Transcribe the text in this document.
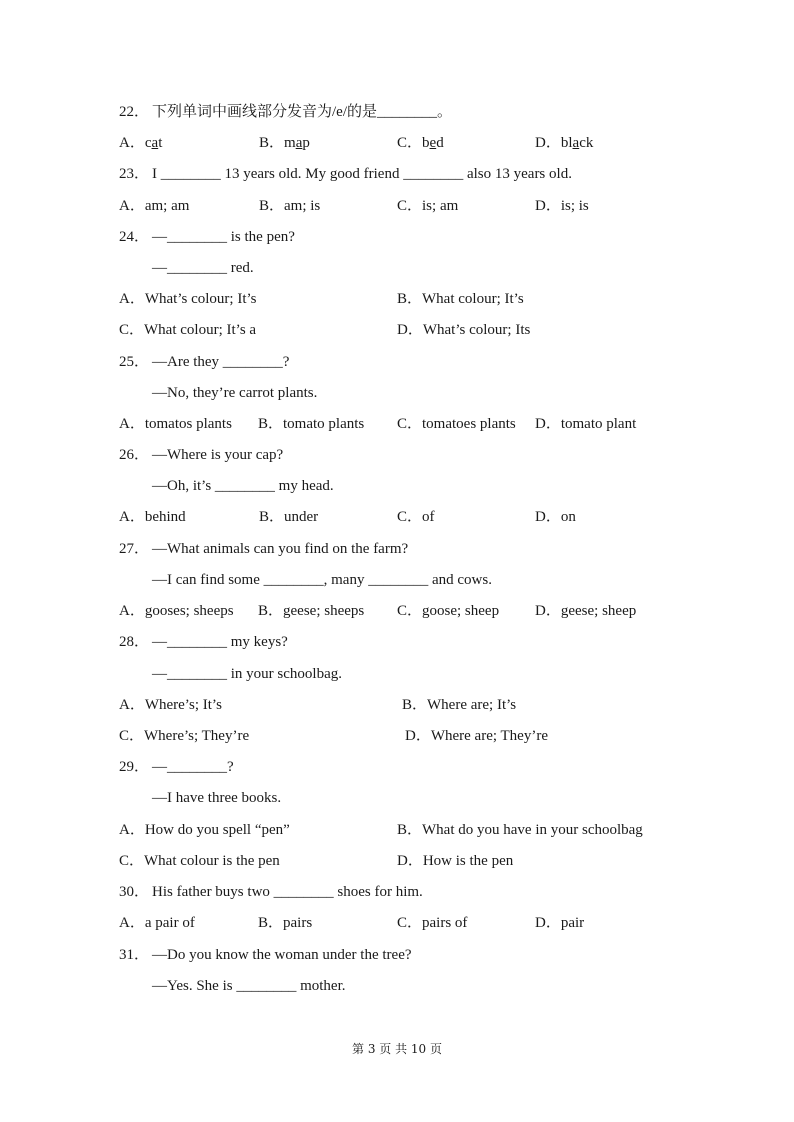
22． 下列单词中画线部分发音为/e/的是________。
A．cat	B．map	C．bed	D．black
23． I ________ 13 years old. My good friend ________ also 13 years old.
A．am; am	B．am; is	C．is; am	D．is; is
24． —________ is the pen?
—________ red.
A．What’s colour; It’s	B．What colour; It’s
C．What colour; It’s a	D．What’s colour; Its
25． —Are they ________?
—No, they’re carrot plants.
A．tomatos plants B．tomato plants C．tomatoes plants D．tomato plant
26． —Where is your cap?
—Oh, it’s ________ my head.
A．behind	B．under	C．of	D．on
27． —What animals can you find on the farm?
—I can find some ________, many ________ and cows.
A．gooses; sheeps B．geese; sheeps C．goose; sheep D．geese; sheep
28． —________ my keys?
—________ in your schoolbag.
A．Where’s; It’s	B．Where are; It’s
C．Where’s; They’re	D．Where are; They’re
29． —________?
—I have three books.
A．How do you spell “pen”	B．What do you have in your schoolbag
C．What colour is the pen	D．How is the pen
30． His father buys two ________ shoes for him.
A．a pair of	B．pairs	C．pairs of	D．pair
31． —Do you know the woman under the tree?
—Yes. She is ________ mother.
第 3 页 共 10 页
